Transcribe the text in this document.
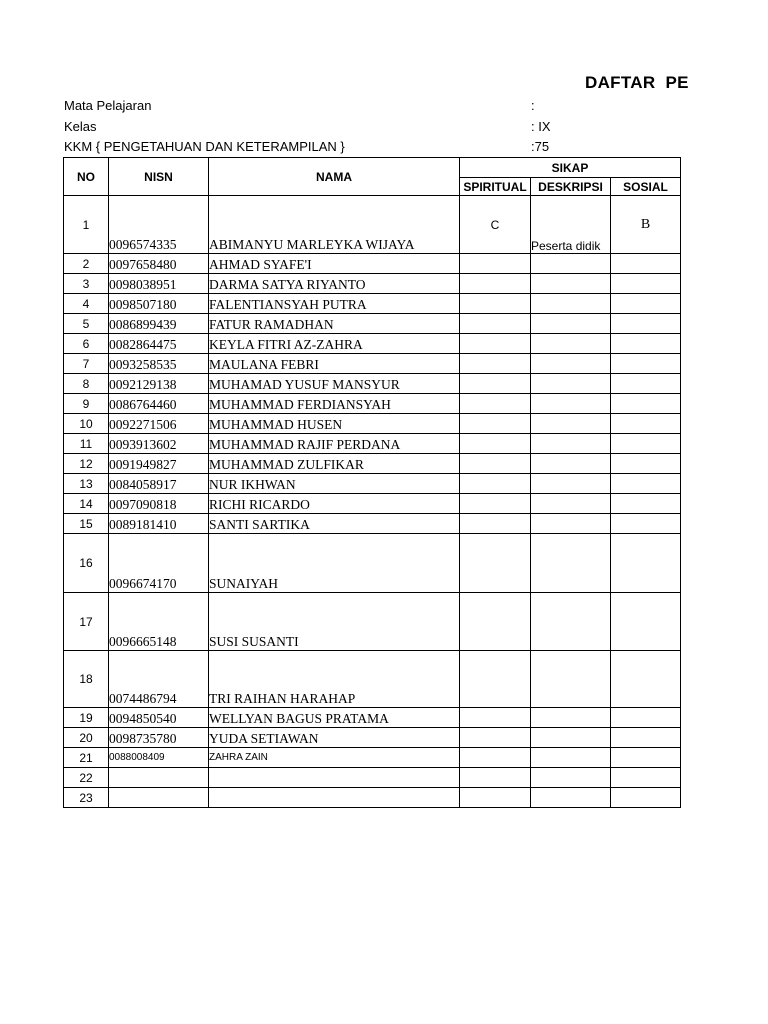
DAFTAR  PE
Mata Pelajaran	:
Kelas	: IX
KKM { PENGETAHUAN DAN KETERAMPILAN }	:75
NO	NISN	NAMA	SIKAP		
			SPIRITUAL	DESKRIPSI	SOSIAL
1	0096574335	ABIMANYU MARLEYKA WIJAYA	C	Peserta didik	B
2	0097658480	AHMAD SYAFE'I			
3	0098038951	DARMA SATYA RIYANTO			
4	0098507180	FALENTIANSYAH PUTRA			
5	0086899439	FATUR RAMADHAN			
6	0082864475	KEYLA FITRI AZ-ZAHRA			
7	0093258535	MAULANA FEBRI			
8	0092129138	MUHAMAD YUSUF MANSYUR			
9	0086764460	MUHAMMAD FERDIANSYAH			
10	0092271506	MUHAMMAD HUSEN			
11	0093913602	MUHAMMAD RAJIF PERDANA			
12	0091949827	MUHAMMAD ZULFIKAR			
13	0084058917	NUR IKHWAN			
14	0097090818	RICHI RICARDO			
15	0089181410	SANTI SARTIKA			
16	0096674170	SUNAIYAH			
17	0096665148	SUSI SUSANTI			
18	0074486794	TRI RAIHAN HARAHAP			
19	0094850540	WELLYAN BAGUS PRATAMA			
20	0098735780	YUDA SETIAWAN			
21	0088008409	ZAHRA ZAIN			
22					
23					
